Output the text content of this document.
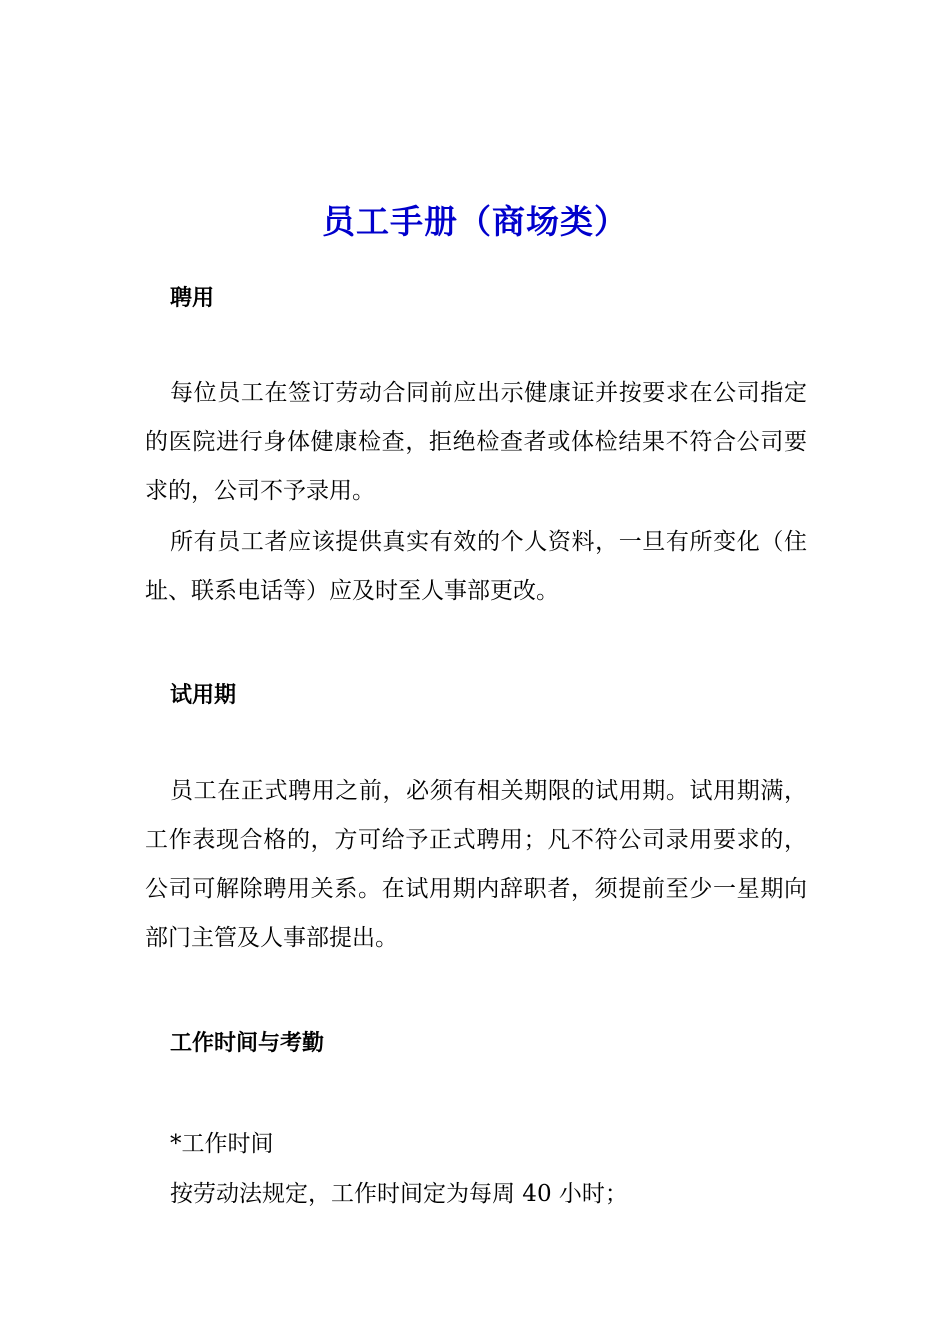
员工手册（商场类）
聘用

每位员工在签订劳动合同前应出示健康证并按要求在公司指定的医院进行身体健康检查，拒绝检查者或体检结果不符合公司要求的，公司不予录用。

所有员工者应该提供真实有效的个人资料，一旦有所变化（住址、联系电话等）应及时至人事部更改。

试用期

员工在正式聘用之前，必须有相关期限的试用期。试用期满，工作表现合格的，方可给予正式聘用；凡不符公司录用要求的，公司可解除聘用关系。在试用期内辞职者，须提前至少一星期向部门主管及人事部提出。

工作时间与考勤

*工作时间

按劳动法规定，工作时间定为每周 40 小时；
